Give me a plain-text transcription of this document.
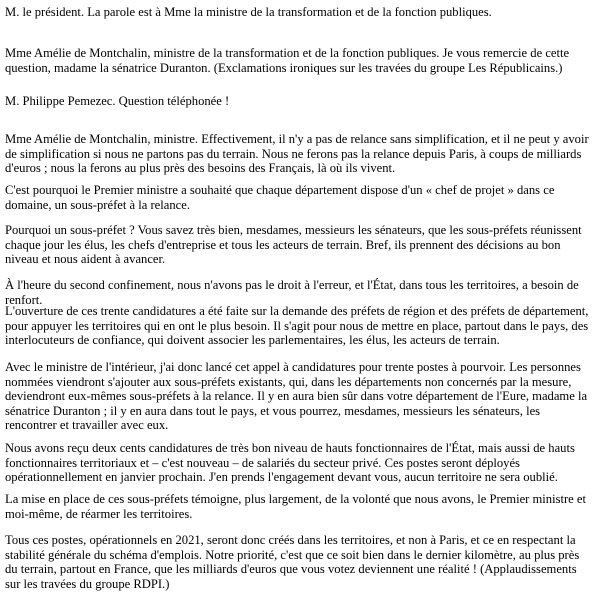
M. le président. La parole est à Mme la ministre de la transformation et de la fonction publiques.

Mme Amélie de Montchalin, ministre de la transformation et de la fonction publiques. Je vous remercie de cette question, madame la sénatrice Duranton. (Exclamations ironiques sur les travées du groupe Les Républicains.)

M. Philippe Pemezec. Question téléphonée !

Mme Amélie de Montchalin, ministre. Effectivement, il n'y a pas de relance sans simplification, et il ne peut y avoir de simplification si nous ne partons pas du terrain. Nous ne ferons pas la relance depuis Paris, à coups de milliards d'euros ; nous la ferons au plus près des besoins des Français, là où ils vivent.

C'est pourquoi le Premier ministre a souhaité que chaque département dispose d'un « chef de projet » dans ce domaine, un sous-préfet à la relance.

Pourquoi un sous-préfet ? Vous savez très bien, mesdames, messieurs les sénateurs, que les sous-préfets réunissent chaque jour les élus, les chefs d'entreprise et tous les acteurs de terrain. Bref, ils prennent des décisions au bon niveau et nous aident à avancer.

À l'heure du second confinement, nous n'avons pas le droit à l'erreur, et l'État, dans tous les territoires, a besoin de renfort.

L'ouverture de ces trente candidatures a été faite sur la demande des préfets de région et des préfets de département, pour appuyer les territoires qui en ont le plus besoin. Il s'agit pour nous de mettre en place, partout dans le pays, des interlocuteurs de confiance, qui doivent associer les parlementaires, les élus, les acteurs de terrain.

Avec le ministre de l'intérieur, j'ai donc lancé cet appel à candidatures pour trente postes à pourvoir. Les personnes nommées viendront s'ajouter aux sous-préfets existants, qui, dans les départements non concernés par la mesure, deviendront eux-mêmes sous-préfets à la relance. Il y en aura bien sûr dans votre département de l'Eure, madame la sénatrice Duranton ; il y en aura dans tout le pays, et vous pourrez, mesdames, messieurs les sénateurs, les rencontrer et travailler avec eux.

Nous avons reçu deux cents candidatures de très bon niveau de hauts fonctionnaires de l'État, mais aussi de hauts fonctionnaires territoriaux et – c'est nouveau – de salariés du secteur privé. Ces postes seront déployés opérationnellement en janvier prochain. J'en prends l'engagement devant vous, aucun territoire ne sera oublié.

La mise en place de ces sous-préfets témoigne, plus largement, de la volonté que nous avons, le Premier ministre et moi-même, de réarmer les territoires.

Tous ces postes, opérationnels en 2021, seront donc créés dans les territoires, et non à Paris, et ce en respectant la stabilité générale du schéma d'emplois. Notre priorité, c'est que ce soit bien dans le dernier kilomètre, au plus près du terrain, partout en France, que les milliards d'euros que vous votez deviennent une réalité ! (Applaudissements sur les travées du groupe RDPI.)
